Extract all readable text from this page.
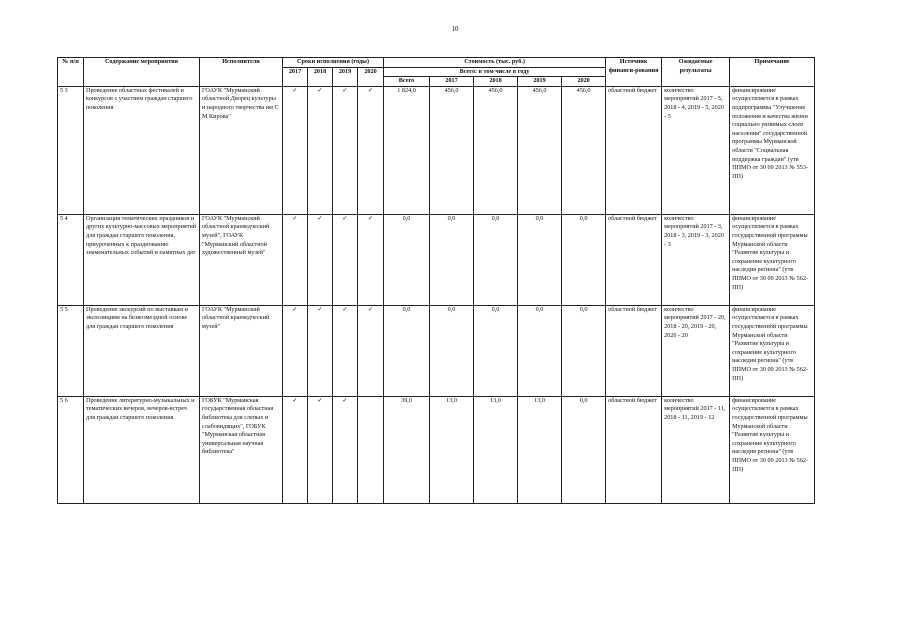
10
№ п/п	Содержание мероприятия	Исполнители	Сроки исполнения (годы)				Стоимость (тыс. руб.)					Источник финанси-рования	Ожидаемые результаты	Примечание
			2017	2018	2019	2020	Всего: в том числе в году							
							Всего	2017	2018	2019	2020			
5 3	Проведение областных фестивалей и конкурсов с участием граждан старшего поколения	ГОАУК "Мурманский областной Дворец культуры и народного творчества им С М Кирова"	✓	✓	✓	✓	1 824,0	456,0	456,0	456,0	456,0	областной бюджет	количество мероприятий 2017 - 5, 2018 - 4, 2019 - 5, 2020 - 5	финансирование осуществляется в рамках подпрограммы "Улучшение положения и качества жизни социально уязвимых слоев населения" государственной программы Мурманской области "Социальная поддержка граждан" (утв ППМО от 30 09 2013 № 553-ПП)
5 4	Организация тематических праздников и других культурно-массовых мероприятий для граждан старшего поколения, приуроченных к празднованию знаменательных событий и памятных дат	ГОАУК "Мурманский областной краеведческий музей", ГОАУК "Мурманский областной художественный музей"	✓	✓	✓	✓	0,0	0,0	0,0	0,0	0,0	областной бюджет	количество мероприятий 2017 - 3, 2018 - 3, 2019 - 3, 2020 - 3	финансирование осуществляется в рамках государственной программы Мурманской области "Развитие культуры и сохранение культурного наследия региона" (утв ППМО от 30 09 2013 № 562-ПП)
5 5	Проведение экскурсий по выставкам и экспозициям на безвозмездной основе для граждан старшего поколения	ГОАУК "Мурманский областной краеведческий музей"	✓	✓	✓	✓	0,0	0,0	0,0	0,0	0,0	областной бюджет	количество мероприятий 2017 - 20, 2018 - 20, 2019 - 20, 2020 - 20	финансирование осуществляется в рамках государственной программы Мурманской области "Развитие культуры и сохранение культурного наследия региона" (утв ППМО от 30 09 2013 № 562-ПП)
5 6	Проведение литературно-музыкальных и тематических вечеров, вечеров-встреч для граждан старшего поколения	ГОБУК "Мурманская государственная областная библиотека для слепых и слабовидящих", ГОБУК "Мурманская областная универсальная научная библиотека"	✓	✓	✓		39,0	13,0	13,0	13,0	0,0	областной бюджет	количество мероприятий 2017 - 11, 2018 - 11, 2019 - 12	финансирование осуществляется в рамках государственной программы Мурманской области "Развитие культуры и сохранение культурного наследия региона" (утв ППМО от 30 09 2013 № 562-ПП)
